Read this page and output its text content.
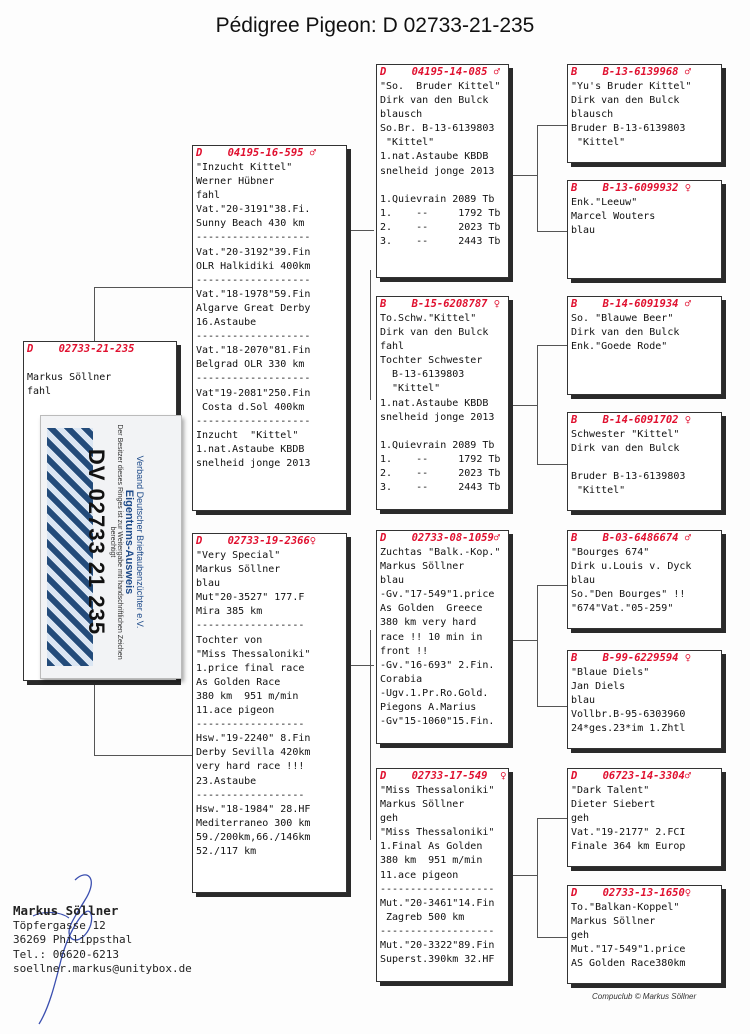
Pédigree Pigeon: D 02733-21-235
D    02733-21-235

Markus Söllner
fahl
Verband Deutscher Brieftaubenzüchter e.V.
Eigentums-Ausweis
Der Besitzer dieses Ringes ist zur Weitergabe mit handschriftlichen Zeichen berechtigt
DV 02733 21 235
D    04195-16-595 ♂
"Inzucht Kittel"
Werner Hübner
fahl
Vat."20-3191"38.Fi.
Sunny Beach 430 km
-------------------
Vat."20-3192"39.Fin
OLR Halkidiki 400km
-------------------
Vat."18-1978"59.Fin
Algarve Great Derby
16.Astaube
-------------------
Vat."18-2070"81.Fin
Belgrad OLR 330 km
-------------------
Vat"19-2081"250.Fin
Costa d.Sol 400km
-------------------
Inzucht  "Kittel"
1.nat.Astaube KBDB
snelheid jonge 2013
D    02733-19-2366♀
"Very Special"
Markus Söllner
blau
Mut"20-3527" 177.F
Mira 385 km
------------------
Tochter von
"Miss Thessaloniki"
1.price final race
As Golden Race
380 km  951 m/min
11.ace pigeon
------------------
Hsw."19-2240" 8.Fin
Derby Sevilla 420km
very hard race !!!
23.Astaube
------------------
Hsw."18-1984" 28.HF
Mediterraneo 300 km
59./200km,66./146km
52./117 km
D    04195-14-085 ♂
"So.  Bruder Kittel"
Dirk van den Bulck
blausch
So.Br. B-13-6139803
"Kittel"
1.nat.Astaube KBDB
snelheid jonge 2013

1.Quievrain 2089 Tb
1.    --     1792 Tb
2.    --     2023 Tb
3.    --     2443 Tb
B    B-15-6208787 ♀
To.Schw."Kittel"
Dirk van den Bulck
fahl
Tochter Schwester
B-13-6139803
"Kittel"
1.nat.Astaube KBDB
snelheid jonge 2013

1.Quievrain 2089 Tb
1.    --     1792 Tb
2.    --     2023 Tb
3.    --     2443 Tb
D    02733-08-1059♂
Zuchtas "Balk.-Kop."
Markus Söllner
blau
-Gv."17-549"1.price
As Golden  Greece
380 km very hard
race !! 10 min in
front !!
-Gv."16-693" 2.Fin.
Corabia
-Ugv.1.Pr.Ro.Gold.
Piegons A.Marius
-Gv"15-1060"15.Fin.
D    02733-17-549  ♀
"Miss Thessaloniki"
Markus Söllner
geh
"Miss Thessaloniki"
1.Final As Golden
380 km  951 m/min
11.ace pigeon
-------------------
Mut."20-3461"14.Fin
Zagreb 500 km
-------------------
Mut."20-3322"89.Fin
Superst.390km 32.HF
B    B-13-6139968 ♂
"Yu's Bruder Kittel"
Dirk van den Bulck
blausch
Bruder B-13-6139803
"Kittel"
B    B-13-6099932 ♀
Enk."Leeuw"
Marcel Wouters
blau
B    B-14-6091934 ♂
So. "Blauwe Beer"
Dirk van den Bulck
Enk."Goede Rode"
B    B-14-6091702 ♀
Schwester "Kittel"
Dirk van den Bulck

Bruder B-13-6139803
"Kittel"
B    B-03-6486674 ♂
"Bourges 674"
Dirk u.Louis v. Dyck
blau
So."Den Bourges" !!
"674"Vat."05-259"
B    B-99-6229594 ♀
"Blaue Diels"
Jan Diels
blau
Vollbr.B-95-6303960
24*ges.23*im 1.Zhtl
D    06723-14-3304♂
"Dark Talent"
Dieter Siebert
geh
Vat."19-2177" 2.FCI
Finale 364 km Europ
D    02733-13-1650♀
To."Balkan-Koppel"
Markus Söllner
geh
Mut."17-549"1.price
AS Golden Race380km
Markus Söllner
Töpfergasse 12
36269 Philippsthal
Tel.: 06620-6213
soellner.markus@unitybox.de
Compuclub © Markus Söllner
